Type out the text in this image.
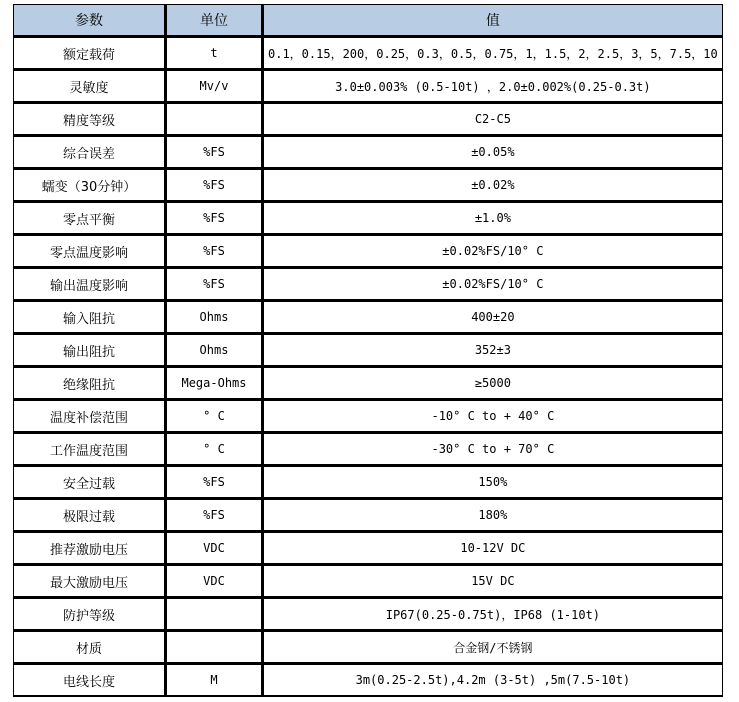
参数	单位	值
额定载荷	t	0.1，0.15，200，0.25，0.3，0.5，0.75，1，1.5，2，2.5，3，5，7.5，10
灵敏度	Mv/v	3.0±0.003% (0.5-10t) ，2.0±0.002%(0.25-0.3t)
精度等级		C2-C5
综合误差	%FS	±0.05%
蠕变（30分钟）	%FS	±0.02%
零点平衡	%FS	±1.0%
零点温度影响	%FS	±0.02%FS/10° C
输出温度影响	%FS	±0.02%FS/10° C
输入阻抗	Ohms	400±20
输出阻抗	Ohms	352±3
绝缘阻抗	Mega-Ohms	≥5000
温度补偿范围	° C	-10° C to + 40° C
工作温度范围	° C	-30° C to + 70° C
安全过载	%FS	150%
极限过载	%FS	180%
推荐激励电压	VDC	10-12V DC
最大激励电压	VDC	15V DC
防护等级		IP67(0.25-0.75t)，IP68 (1-10t)
材质		合金钢/不锈钢
电线长度	M	3m(0.25-2.5t),4.2m (3-5t) ,5m(7.5-10t)
